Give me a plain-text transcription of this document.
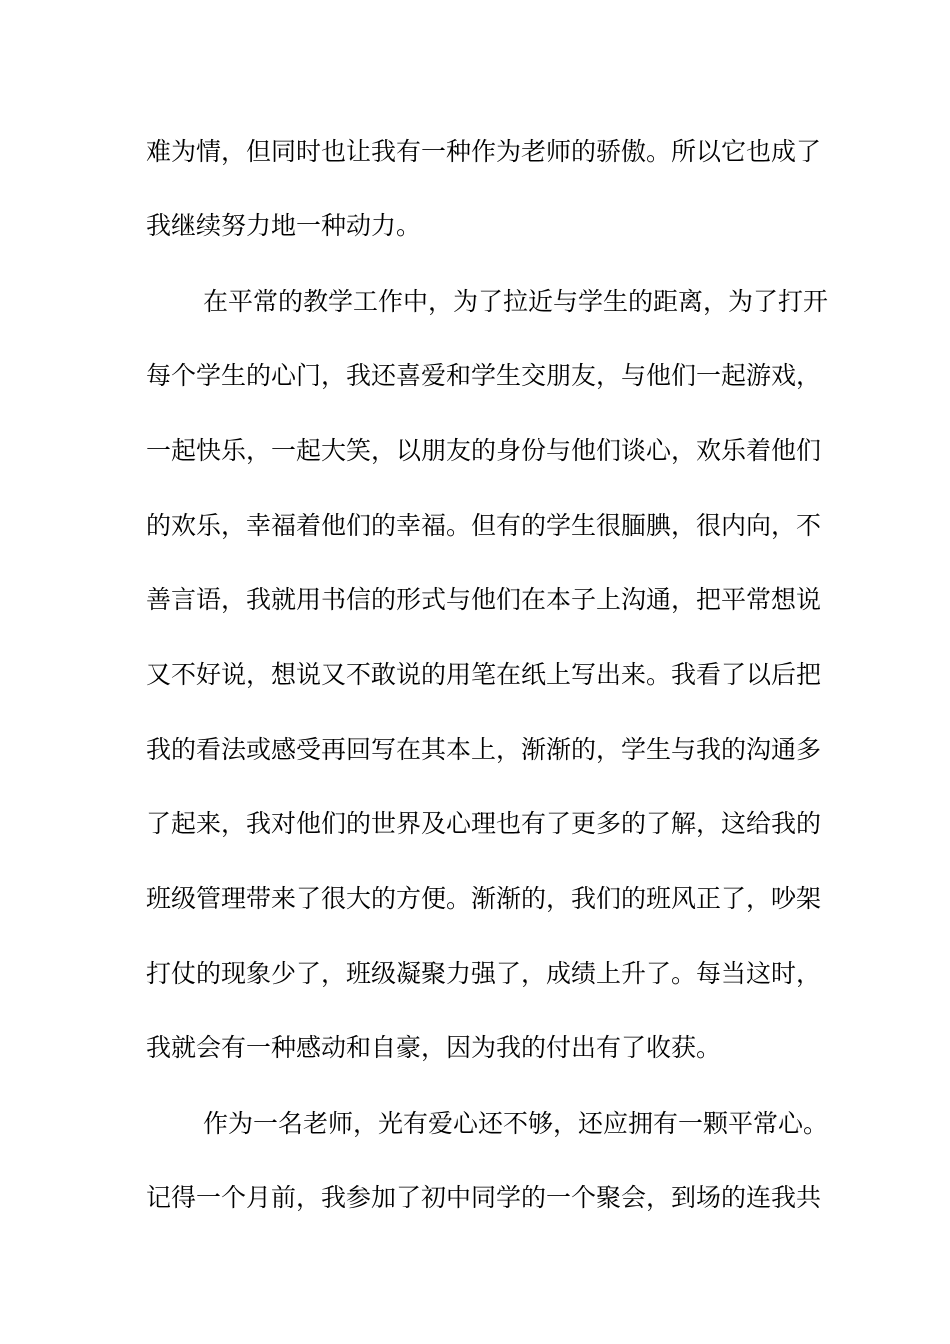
难为情，但同时也让我有一种作为老师的骄傲。所以它也成了
我继续努力地一种动力。
在平常的教学工作中，为了拉近与学生的距离，为了打开
每个学生的心门，我还喜爱和学生交朋友，与他们一起游戏，
一起快乐，一起大笑，以朋友的身份与他们谈心，欢乐着他们
的欢乐，幸福着他们的幸福。但有的学生很腼腆，很内向，不
善言语，我就用书信的形式与他们在本子上沟通，把平常想说
又不好说，想说又不敢说的用笔在纸上写出来。我看了以后把
我的看法或感受再回写在其本上，渐渐的，学生与我的沟通多
了起来，我对他们的世界及心理也有了更多的了解，这给我的
班级管理带来了很大的方便。渐渐的，我们的班风正了，吵架
打仗的现象少了，班级凝聚力强了，成绩上升了。每当这时，
我就会有一种感动和自豪，因为我的付出有了收获。
作为一名老师，光有爱心还不够，还应拥有一颗平常心。
记得一个月前，我参加了初中同学的一个聚会，到场的连我共
